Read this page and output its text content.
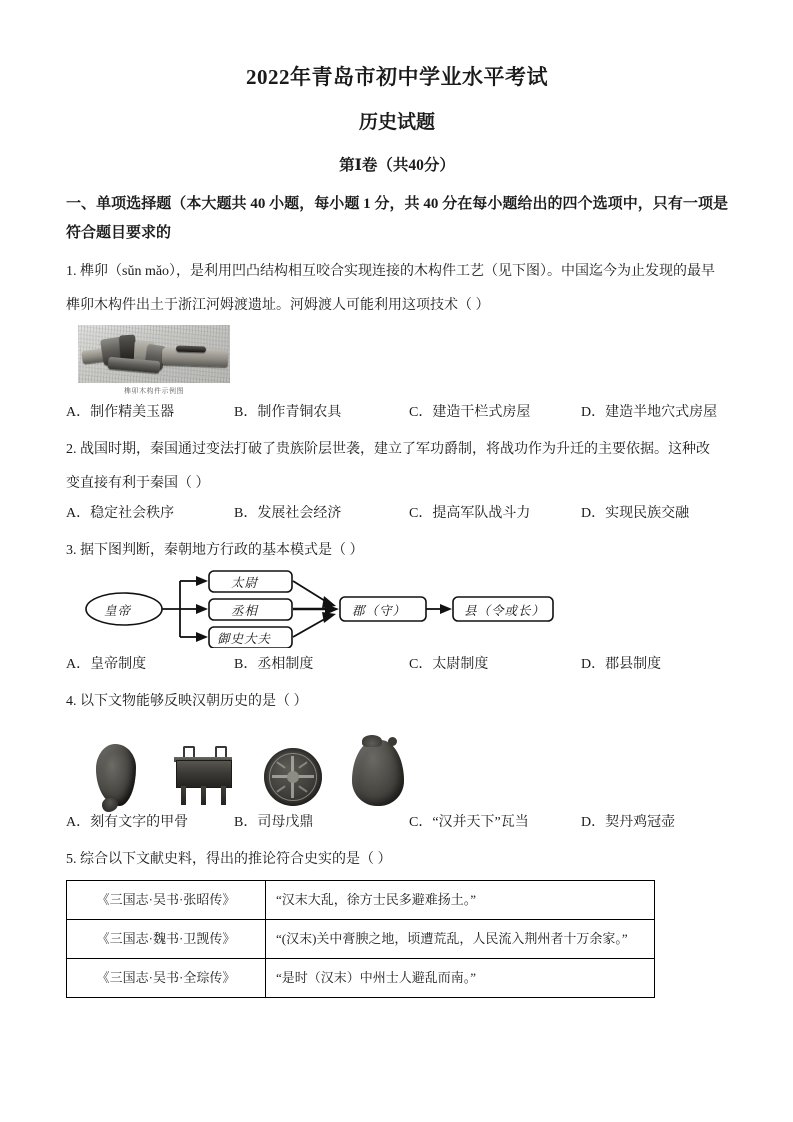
2022年青岛市初中学业水平考试
历史试题
第Ⅰ卷（共40分）
一、单项选择题（本大题共 40 小题，每小题 1 分，共 40 分在每小题给出的四个选项中，只有一项是符合题目要求的
1. 榫卯（sǔn mǎo），是利用凹凸结构相互咬合实现连接的木构件工艺（见下图）。中国迄今为止发现的最早
榫卯木构件出土于浙江河姆渡遗址。河姆渡人可能利用这项技术（ ）
榫卯木构件示例图
A．制作精美玉器	B．制作青铜农具	C．建造干栏式房屋	D．建造半地穴式房屋
2. 战国时期，秦国通过变法打破了贵族阶层世袭，建立了军功爵制，将战功作为升迁的主要依据。这种改
变直接有利于秦国（ ）
A．稳定社会秩序	B．发展社会经济	C．提高军队战斗力	D．实现民族交融
3. 据下图判断，秦朝地方行政的基本模式是（ ）
皇帝
太尉
丞相
御史大夫
郡（守）	县（令或长）
A．皇帝制度	B．丞相制度	C．太尉制度	D．郡县制度
4. 以下文物能够反映汉朝历史的是（ ）
A．刻有文字的甲骨	B．司母戊鼎	C．“汉并天下”瓦当	D．契丹鸡冠壶
5. 综合以下文献史料，得出的推论符合史实的是（ ）
《三国志·吴书·张昭传》	“汉末大乱，徐方士民多避难扬土。”
《三国志·魏书·卫觊传》	“(汉末)关中膏腴之地，顷遭荒乱，人民流入荆州者十万余家。”
《三国志·吴书·全琮传》	“是时（汉末）中州士人避乱而南。”
